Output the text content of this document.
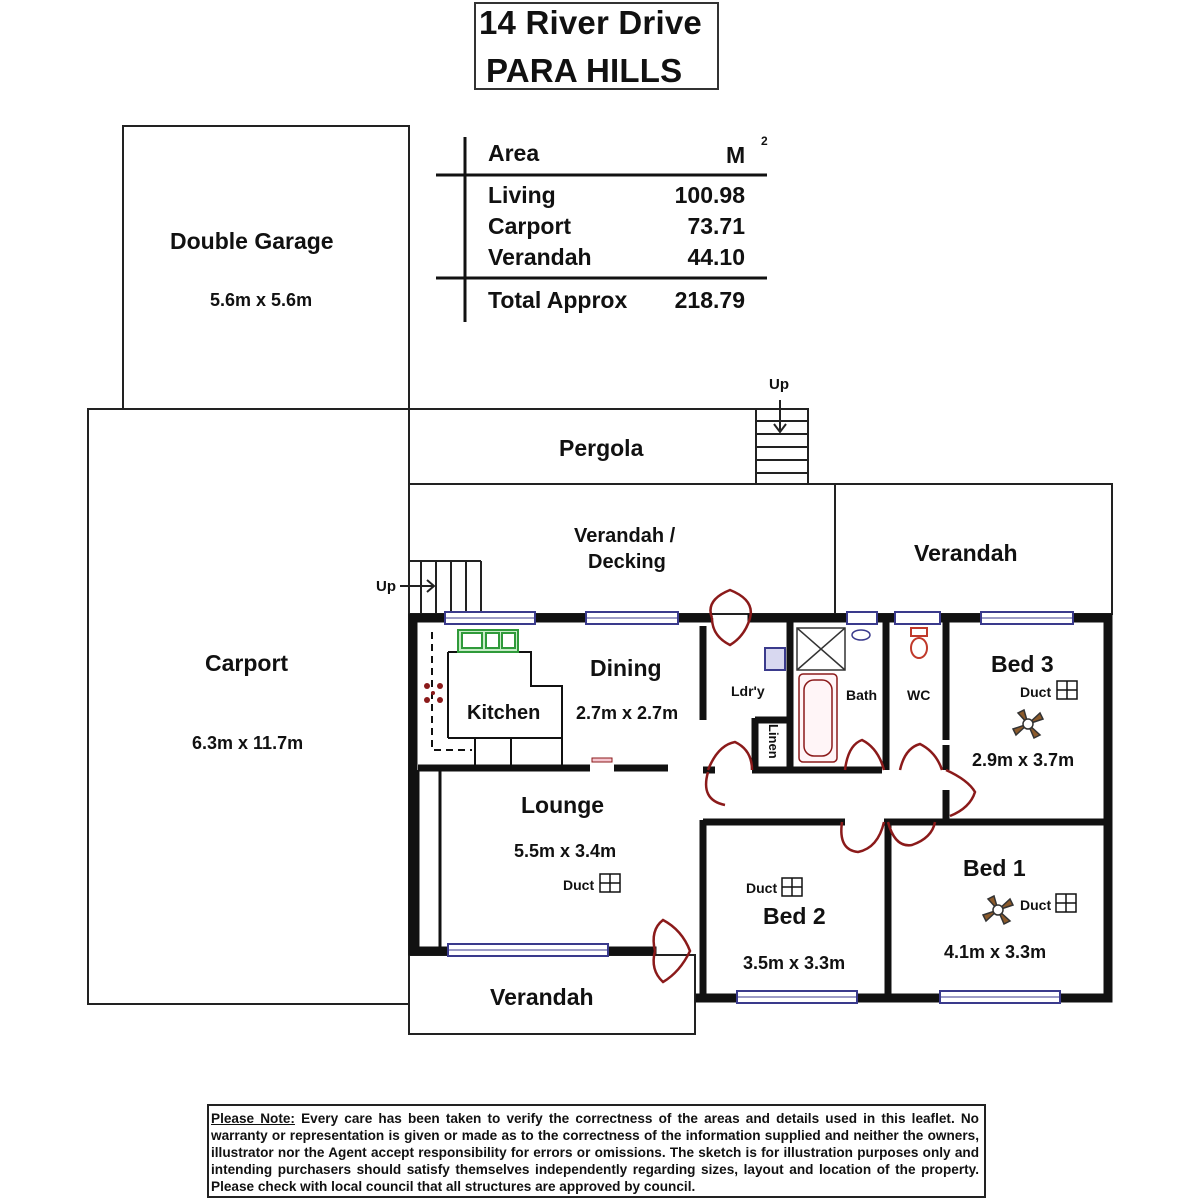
14 River Drive
PARA HILLS
Area	M
2
Living	100.98
Carport	73.71
Verandah	44.10
Total Approx 218.79
Double Garage
5.6m x 5.6m
Carport
6.3m x 11.7m
Pergola
Up
Up
Verandah /
Decking	Verandah
Verandah
Kitchen
Dining
2.7m x 2.7m
Ldr'y
Linen
Bath WC
Bed 3
Duct
2.9m x 3.7m
Lounge
5.5m x 3.4m
Duct	Duct
Bed 2
3.5m x 3.3m
Bed 1
Duct
4.1m x 3.3m
Please Note: Every care has been taken to verify the correctness of the areas and details used in this leaflet. No warranty or representation is given or made as to the correctness of the information supplied and neither the owners, illustrator nor the Agent accept responsibility for errors or omissions. The sketch is for illustration purposes only and intending purchasers should satisfy themselves independently regarding sizes, layout and location of the property. Please check with local council that all structures are approved by council.
